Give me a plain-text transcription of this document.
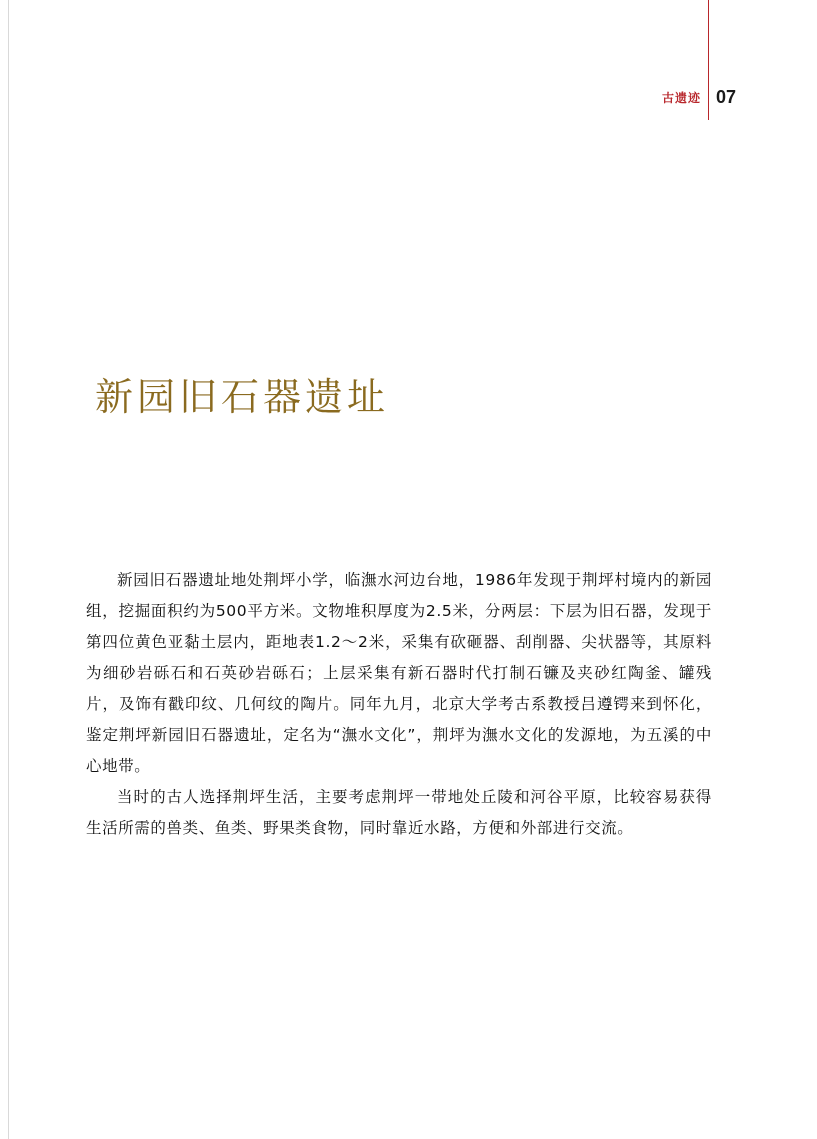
古遗迹 07
新园旧石器遗址

新园旧石器遗址地处荆坪小学，临潕水河边台地，1986年发现于荆坪村境内的新园组，挖掘面积约为500平方米。文物堆积厚度为2.5米，分两层：下层为旧石器，发现于第四位黄色亚黏土层内，距地表1.2～2米，采集有砍砸器、刮削器、尖状器等，其原料为细砂岩砾石和石英砂岩砾石；上层采集有新石器时代打制石镰及夹砂红陶釜、罐残片，及饰有戳印纹、几何纹的陶片。同年九月，北京大学考古系教授吕遵锷来到怀化，鉴定荆坪新园旧石器遗址，定名为“潕水文化”，荆坪为潕水文化的发源地，为五溪的中心地带。

当时的古人选择荆坪生活，主要考虑荆坪一带地处丘陵和河谷平原，比较容易获得生活所需的兽类、鱼类、野果类食物，同时靠近水路，方便和外部进行交流。
